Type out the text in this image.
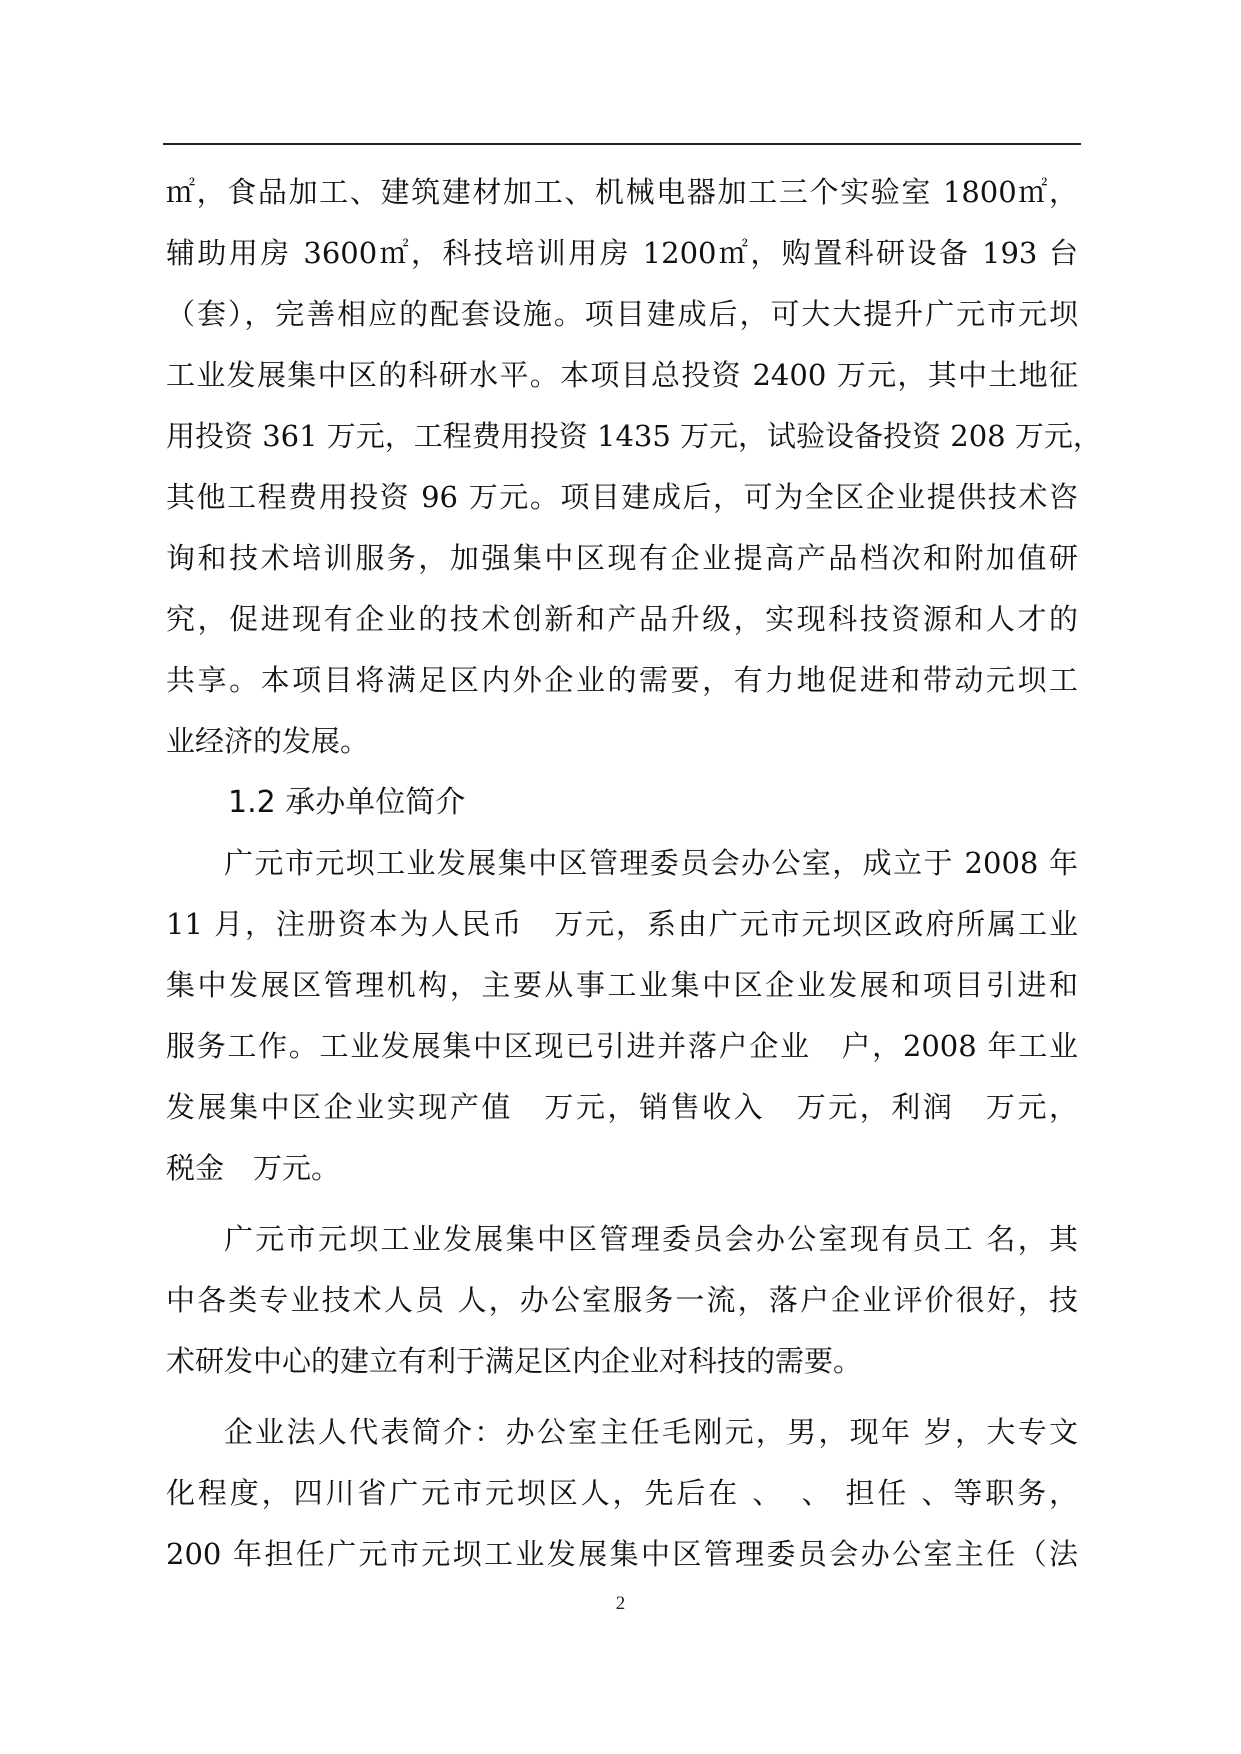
㎡，食品加工、建筑建材加工、机械电器加工三个实验室 1800㎡，
辅助用房 3600㎡，科技培训用房 1200㎡，购置科研设备 193 台
（套），完善相应的配套设施。项目建成后，可大大提升广元市元坝
工业发展集中区的科研水平。本项目总投资 2400 万元，其中土地征
用投资 361 万元，工程费用投资 1435 万元，试验设备投资 208 万元，
其他工程费用投资 96 万元。项目建成后，可为全区企业提供技术咨
询和技术培训服务，加强集中区现有企业提高产品档次和附加值研
究，促进现有企业的技术创新和产品升级，实现科技资源和人才的
共享。本项目将满足区内外企业的需要，有力地促进和带动元坝工
业经济的发展。
1.2 承办单位简介
广元市元坝工业发展集中区管理委员会办公室，成立于 2008 年
11 月，注册资本为人民币　万元，系由广元市元坝区政府所属工业
集中发展区管理机构，主要从事工业集中区企业发展和项目引进和
服务工作。工业发展集中区现已引进并落户企业　户，2008 年工业
发展集中区企业实现产值　万元，销售收入　万元，利润　万元，
税金　万元。
广元市元坝工业发展集中区管理委员会办公室现有员工 名，其
中各类专业技术人员 人，办公室服务一流，落户企业评价很好，技
术研发中心的建立有利于满足区内企业对科技的需要。
企业法人代表简介：办公室主任毛刚元，男，现年 岁，大专文
化程度，四川省广元市元坝区人，先后在 、　、 担任 、等职务，
200 年担任广元市元坝工业发展集中区管理委员会办公室主任（法
2
